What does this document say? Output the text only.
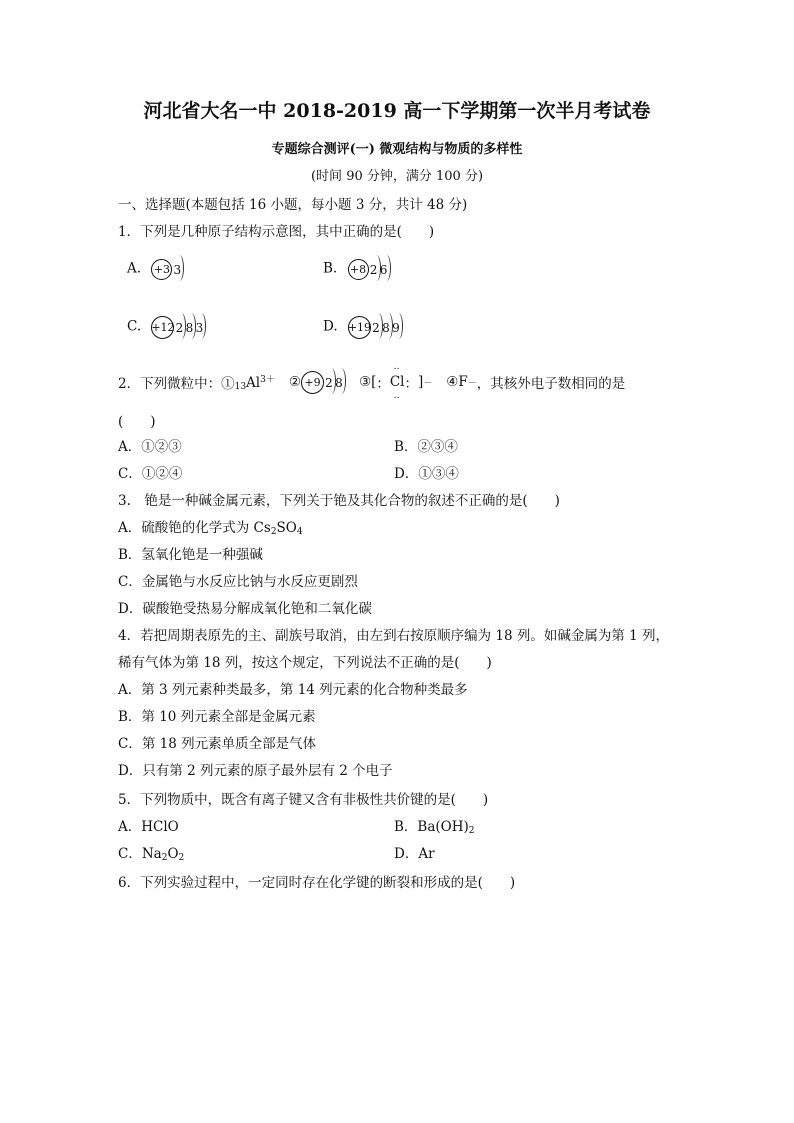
河北省大名一中 2018-2019 高一下学期第一次半月考试卷
专题综合测评(一) 微观结构与物质的多样性
(时间 90 分钟，满分 100 分)
一、选择题(本题包括 16 小题，每小题 3 分，共计 48 分)
1．下列是几种原子结构示意图，其中正确的是(　　)
A. +3 3	B. +8 2 6
C. +12 2 8 3	D. +19 2 8 9
2．下列微粒中：① $_{13}Al^{3+}$ ② +9 2 8 ③[ ：
‥
Cl
‥
： ] － ④F － ，其核外电子数相同的是
(　　)
A．①②③	B．②③④
C．①②④	D．①③④
3.　铯是一种碱金属元素，下列关于铯及其化合物的叙述不正确的是(　　)
A．硫酸铯的化学式为 $Cs_2SO_4$
B．氢氧化铯是一种强碱
C．金属铯与水反应比钠与水反应更剧烈
D．碳酸铯受热易分解成氧化铯和二氧化碳
4．若把周期表原先的主、副族号取消，由左到右按原顺序编为 18 列。如碱金属为第 1 列，
稀有气体为第 18 列，按这个规定，下列说法不正确的是(　　)
A．第 3 列元素种类最多，第 14 列元素的化合物种类最多
B．第 10 列元素全部是金属元素
C．第 18 列元素单质全部是气体
D．只有第 2 列元素的原子最外层有 2 个电子
5．下列物质中，既含有离子键又含有非极性共价键的是(　　)
A．HClO	B．$Ba(OH)_2$
C．$Na_2O_2$	D．Ar
6．下列实验过程中，一定同时存在化学键的断裂和形成的是(　　)
